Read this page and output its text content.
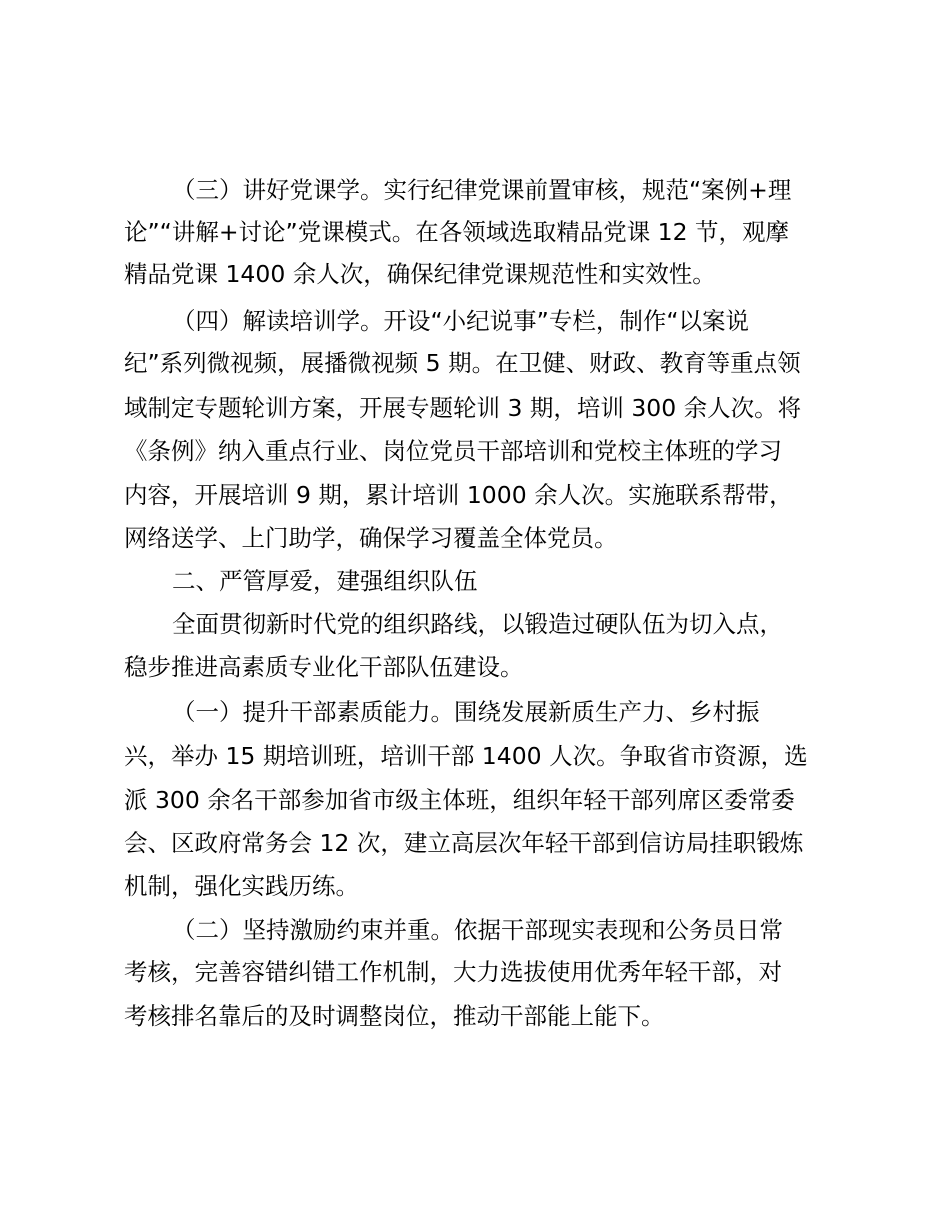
（三）讲好党课学。实行纪律党课前置审核，规范“案例+理

论”“讲解+讨论”党课模式。在各领域选取精品党课 12 节，观摩

精品党课 1400 余人次，确保纪律党课规范性和实效性。

（四）解读培训学。开设“小纪说事”专栏，制作“以案说

纪”系列微视频，展播微视频 5 期。在卫健、财政、教育等重点领

域制定专题轮训方案，开展专题轮训 3 期，培训 300 余人次。将

《条例》纳入重点行业、岗位党员干部培训和党校主体班的学习

内容，开展培训 9 期，累计培训 1000 余人次。实施联系帮带，

网络送学、上门助学，确保学习覆盖全体党员。

二、严管厚爱，建强组织队伍

全面贯彻新时代党的组织路线，以锻造过硬队伍为切入点，

稳步推进高素质专业化干部队伍建设。

（一）提升干部素质能力。围绕发展新质生产力、乡村振

兴，举办 15 期培训班，培训干部 1400 人次。争取省市资源，选

派 300 余名干部参加省市级主体班，组织年轻干部列席区委常委

会、区政府常务会 12 次，建立高层次年轻干部到信访局挂职锻炼

机制，强化实践历练。

（二）坚持激励约束并重。依据干部现实表现和公务员日常

考核，完善容错纠错工作机制，大力选拔使用优秀年轻干部，对

考核排名靠后的及时调整岗位，推动干部能上能下。
